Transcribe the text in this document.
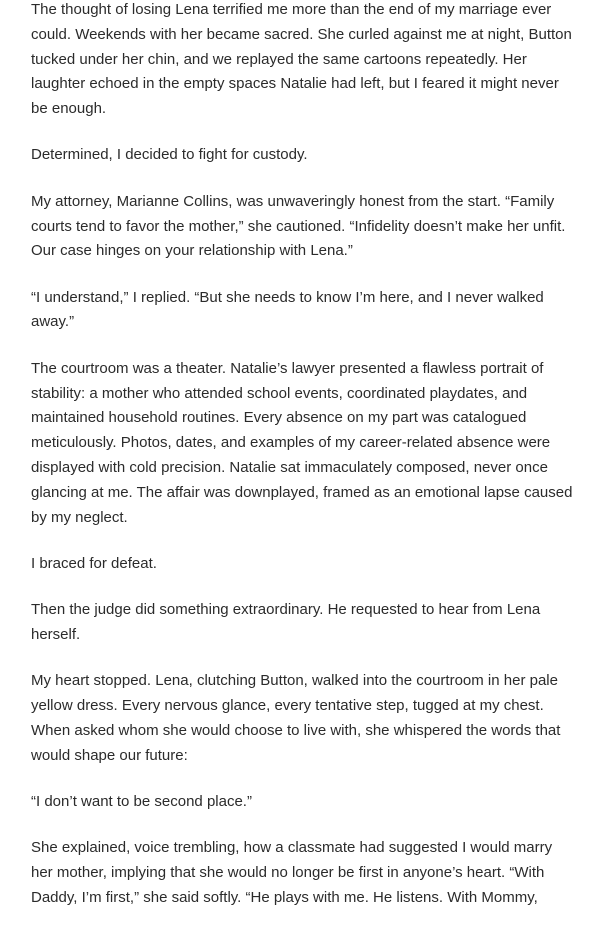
The thought of losing Lena terrified me more than the end of my marriage ever could. Weekends with her became sacred. She curled against me at night, Button tucked under her chin, and we replayed the same cartoons repeatedly. Her laughter echoed in the empty spaces Natalie had left, but I feared it might never be enough.

Determined, I decided to fight for custody.

My attorney, Marianne Collins, was unwaveringly honest from the start. “Family courts tend to favor the mother,” she cautioned. “Infidelity doesn’t make her unfit. Our case hinges on your relationship with Lena.”

“I understand,” I replied. “But she needs to know I’m here, and I never walked away.”

The courtroom was a theater. Natalie’s lawyer presented a flawless portrait of stability: a mother who attended school events, coordinated playdates, and maintained household routines. Every absence on my part was catalogued meticulously. Photos, dates, and examples of my career-related absence were displayed with cold precision. Natalie sat immaculately composed, never once glancing at me. The affair was downplayed, framed as an emotional lapse caused by my neglect.

I braced for defeat.

Then the judge did something extraordinary. He requested to hear from Lena herself.

My heart stopped. Lena, clutching Button, walked into the courtroom in her pale yellow dress. Every nervous glance, every tentative step, tugged at my chest. When asked whom she would choose to live with, she whispered the words that would shape our future:

“I don’t want to be second place.”

She explained, voice trembling, how a classmate had suggested I would marry her mother, implying that she would no longer be first in anyone’s heart. “With Daddy, I’m first,” she said softly. “He plays with me. He listens. With Mommy,
